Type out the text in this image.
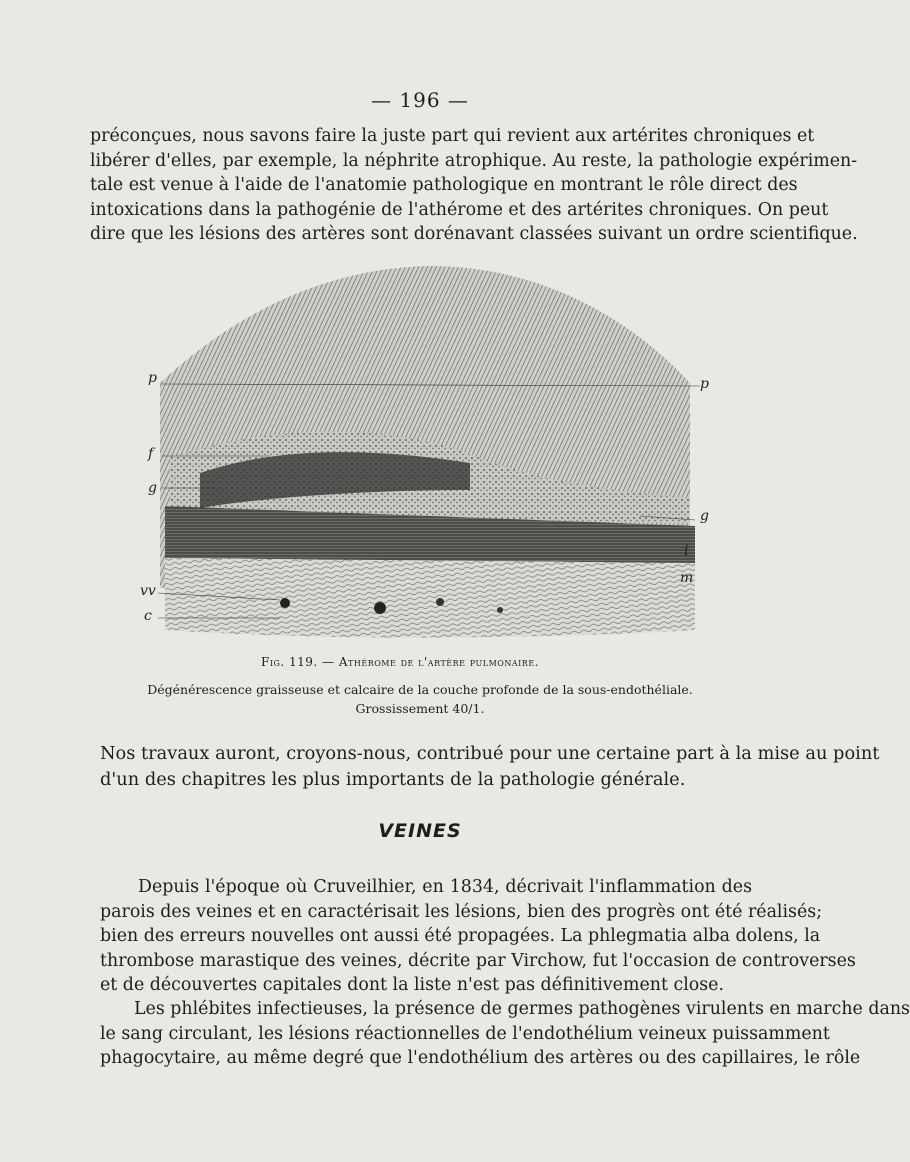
— 196 —

préconçues, nous savons faire la juste part qui revient aux artérites chroniques et
libérer d'elles, par exemple, la néphrite atrophique. Au reste, la pathologie expérimen-
tale est venue à l'aide de l'anatomie pathologique en montrant le rôle direct des
intoxications dans la pathogénie de l'athérome et des artérites chroniques. On peut
dire que les lésions des artères sont dorénavant classées suivant un ordre scientifique.

p	p
f
g
g
i
m
vv
c
Fig. 119. — Athérome de l'artère pulmonaire.
Dégénérescence graisseuse et calcaire de la couche profonde de la sous-endothéliale.
Grossissement 40/1.

Nos travaux auront, croyons-nous, contribué pour une certaine part à la mise au point
d'un des chapitres les plus importants de la pathologie générale.

VEINES

Depuis l'époque où Cruveilhier, en 1834, décrivait l'inflammation des
parois des veines et en caractérisait les lésions, bien des progrès ont été réalisés;
bien des erreurs nouvelles ont aussi été propagées. La phlegmatia alba dolens, la
thrombose marastique des veines, décrite par Virchow, fut l'occasion de controverses
et de découvertes capitales dont la liste n'est pas définitivement close.

Les phlébites infectieuses, la présence de germes pathogènes virulents en marche dans
le sang circulant, les lésions réactionnelles de l'endothélium veineux puissamment
phagocytaire, au même degré que l'endothélium des artères ou des capillaires, le rôle
